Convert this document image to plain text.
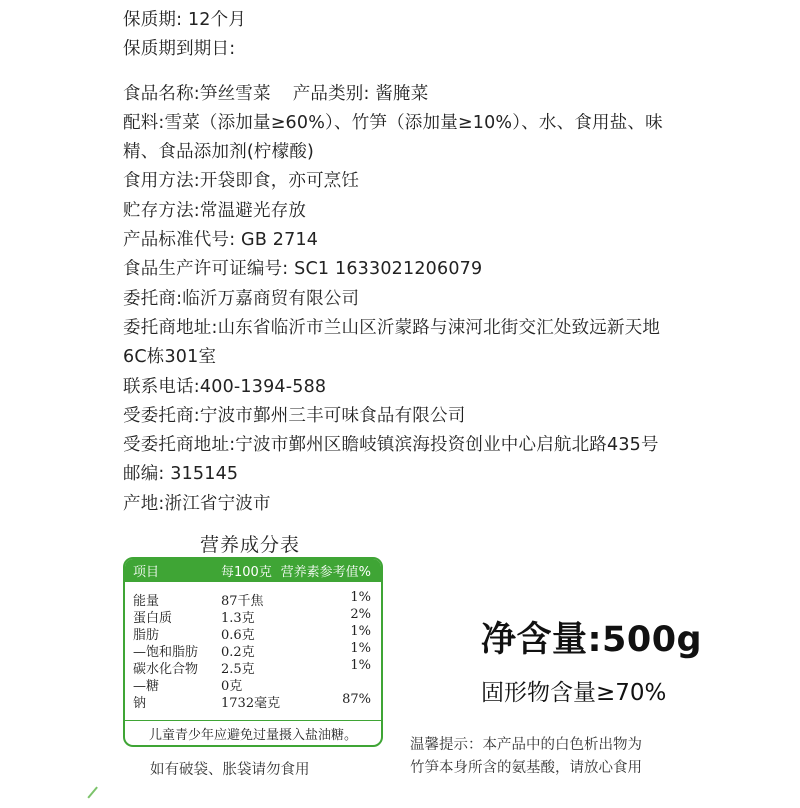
保质期: 12个月
保质期到期日:
食品名称:笋丝雪菜 产品类别: 酱腌菜
配料:雪菜（添加量≥60%）、竹笋（添加量≥10%）、水、食用盐、味
精、食品添加剂(柠檬酸)
食用方法:开袋即食，亦可烹饪
贮存方法:常温避光存放
产品标准代号: GB 2714
食品生产许可证编号: SC1 1633021206079
委托商:临沂万嘉商贸有限公司
委托商地址:山东省临沂市兰山区沂蒙路与涑河北街交汇处致远新天地
6C栋301室
联系电话:400-1394-588
受委托商:宁波市鄞州三丰可味食品有限公司
受委托商地址:宁波市鄞州区瞻岐镇滨海投资创业中心启航北路435号
邮编: 315145
产地:浙江省宁波市
营养成分表
项目	每100克 营养素参考值%
能量	87千焦	1%
蛋白质	1.3克	2%
脂肪	0.6克	1%
—饱和脂肪 0.2克	1%
碳水化合物 2.5克	1%
—糖	0克
钠	1732毫克	87%
儿童青少年应避免过量摄入盐油糖。
如有破袋、胀袋请勿食用
净含量:500g
固形物含量≥70%
温馨提示：本产品中的白色析出物为
竹笋本身所含的氨基酸，请放心食用
